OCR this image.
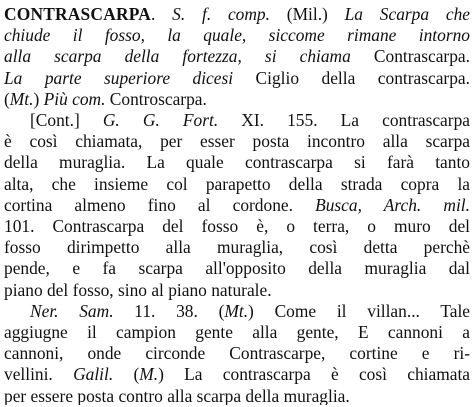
CONTRASCARPA. S. f. comp. (Mil.) La Scarpa che
chiude il fosso, la quale, siccome rimane intorno
alla scarpa della fortezza, si chiama Contrascarpa.
La parte superiore dicesi Ciglio della contrascarpa.
(Mt.) Più com. Controscarpa.
[Cont.] G. G. Fort. XI. 155. La contrascarpa
è così chiamata, per esser posta incontro alla scarpa
della muraglia. La quale contrascarpa si farà tanto
alta, che insieme col parapetto della strada copra la
cortina almeno fino al cordone. Busca, Arch. mil.
101. Contrascarpa del fosso è, o terra, o muro del
fosso dirimpetto alla muraglia, così detta perchè
pende, e fa scarpa all'opposito della muraglia dal
piano del fosso, sino al piano naturale.
Ner. Sam. 11. 38. (Mt.) Come il villan... Tale
aggiugne il campion gente alla gente, E cannoni a
cannoni, onde circonde Contrascarpe, cortine e ri-
vellini. Galil. (M.) La contrascarpa è così chiamata
per essere posta contro alla scarpa della muraglia.
